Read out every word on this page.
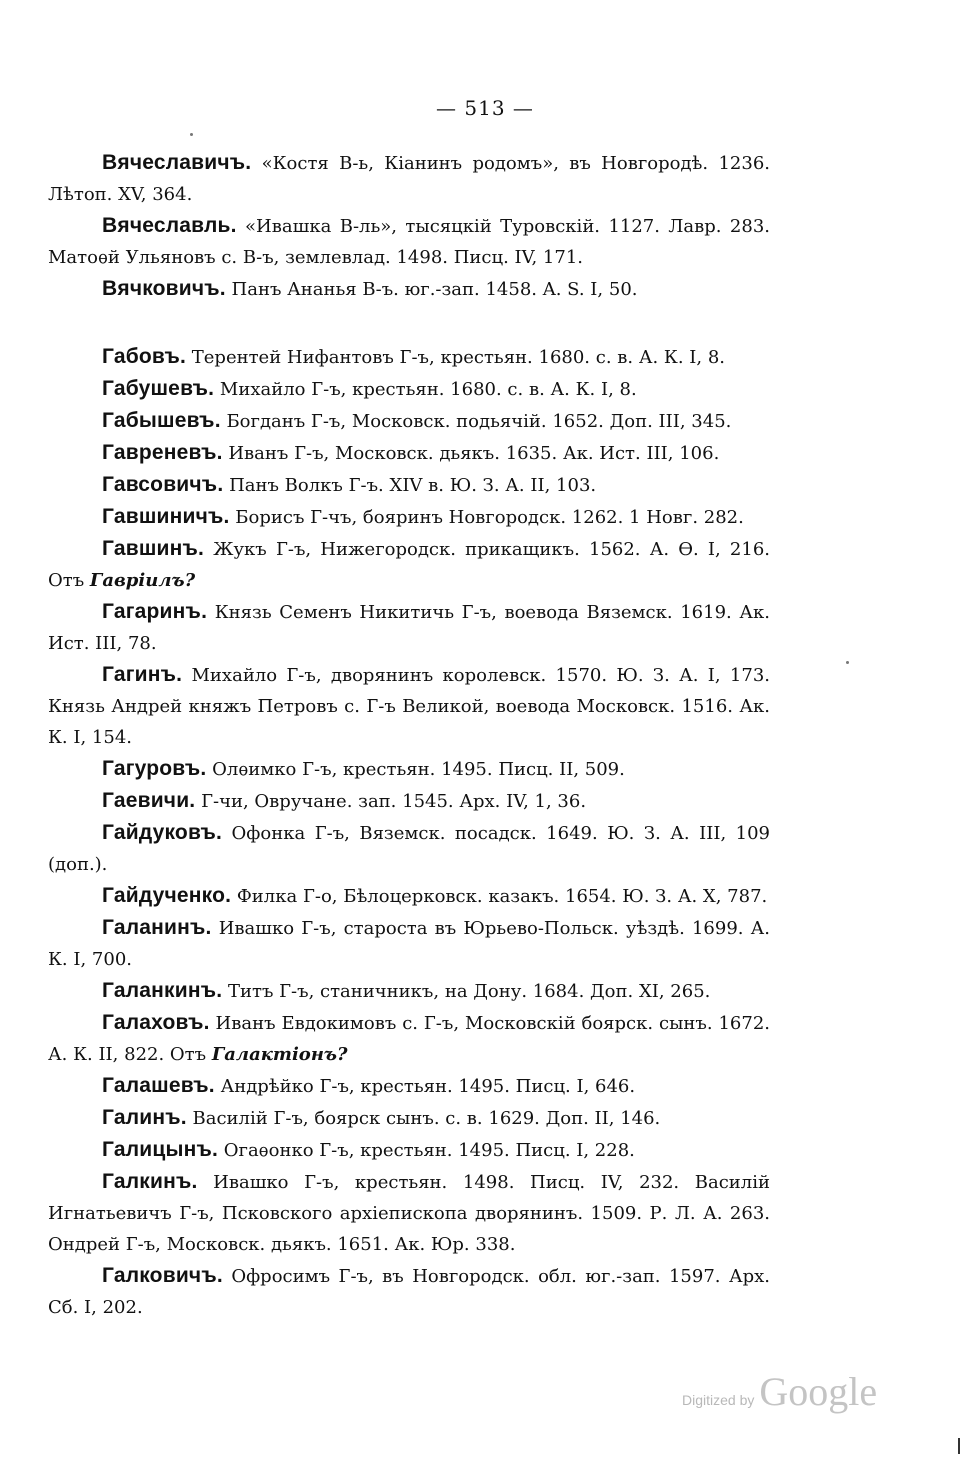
— 513 —

Вячеславичъ. «Костя В-ь, Кіанинъ родомъ», въ Новгородѣ. 1236. Лѣтоп. XV, 364.

Вячеславль. «Ивашка В-ль», тысяцкій Туровскій. 1127. Лавр. 283. Матоѳй Ульяновъ с. В-ъ, землевлад. 1498. Писц. IV, 171.

Вячковичъ. Панъ Ананья В-ъ. юг.-зап. 1458. A. S. I, 50.

Габовъ. Терентей Нифантовъ Г-ъ, крестьян. 1680. с. в. А. К. I, 8.

Габушевъ. Михайло Г-ъ, крестьян. 1680. с. в. А. К. I, 8.

Габышевъ. Богданъ Г-ъ, Московск. подьячій. 1652. Доп. III, 345.

Гавреневъ. Иванъ Г-ъ, Московск. дьякъ. 1635. Ак. Ист. III, 106.

Гавсовичъ. Панъ Волкъ Г-ъ. XIV в. Ю. З. А. II, 103.

Гавшиничъ. Борисъ Г-чъ, бояринъ Новгородск. 1262. 1 Новг. 282.

Гавшинъ. Жукъ Г-ъ, Нижегородск. прикащикъ. 1562. А. Ѳ. I, 216. Отъ Гавріилъ?

Гагаринъ. Князь Семенъ Никитичь Г-ъ, воевода Вяземск. 1619. Ак. Ист. III, 78.

Гагинъ. Михайло Г-ъ, дворянинъ королевск. 1570. Ю. З. А. I, 173. Князь Андрей княжъ Петровъ с. Г-ъ Великой, воевода Московск. 1516. Ак. К. I, 154.

Гагуровъ. Олѳимко Г-ъ, крестьян. 1495. Писц. II, 509.

Гаевичи. Г-чи, Овручане. зап. 1545. Арх. IV, 1, 36.

Гайдуковъ. Офонка Г-ъ, Вяземск. посадск. 1649. Ю. З. А. III, 109 (доп.).

Гайдученко. Филка Г-о, Бѣлоцерковск. казакъ. 1654. Ю. З. А. X, 787.

Галанинъ. Ивашко Г-ъ, староста въ Юрьево-Польск. уѣздѣ. 1699. А. К. I, 700.

Галанкинъ. Титъ Г-ъ, станичникъ, на Дону. 1684. Доп. XI, 265.

Галаховъ. Иванъ Евдокимовъ с. Г-ъ, Московскій боярск. сынъ. 1672. А. К. II, 822. Отъ Галактіонъ?

Галашевъ. Андрѣйко Г-ъ, крестьян. 1495. Писц. I, 646.

Галинъ. Василій Г-ъ, боярск сынъ. с. в. 1629. Доп. II, 146.

Галицынъ. Огаѳонко Г-ъ, крестьян. 1495. Писц. I, 228.

Галкинъ. Ивашко Г-ъ, крестьян. 1498. Писц. IV, 232. Василій Игнатьевичъ Г-ъ, Псковского архіепископа дворянинъ. 1509. Р. Л. А. 263. Ондрей Г-ъ, Московск. дьякъ. 1651. Ак. Юр. 338.

Галковичъ. Офросимъ Г-ъ, въ Новгородск. обл. юг.-зап. 1597. Арх. Сб. I, 202.

Digitized by Google
